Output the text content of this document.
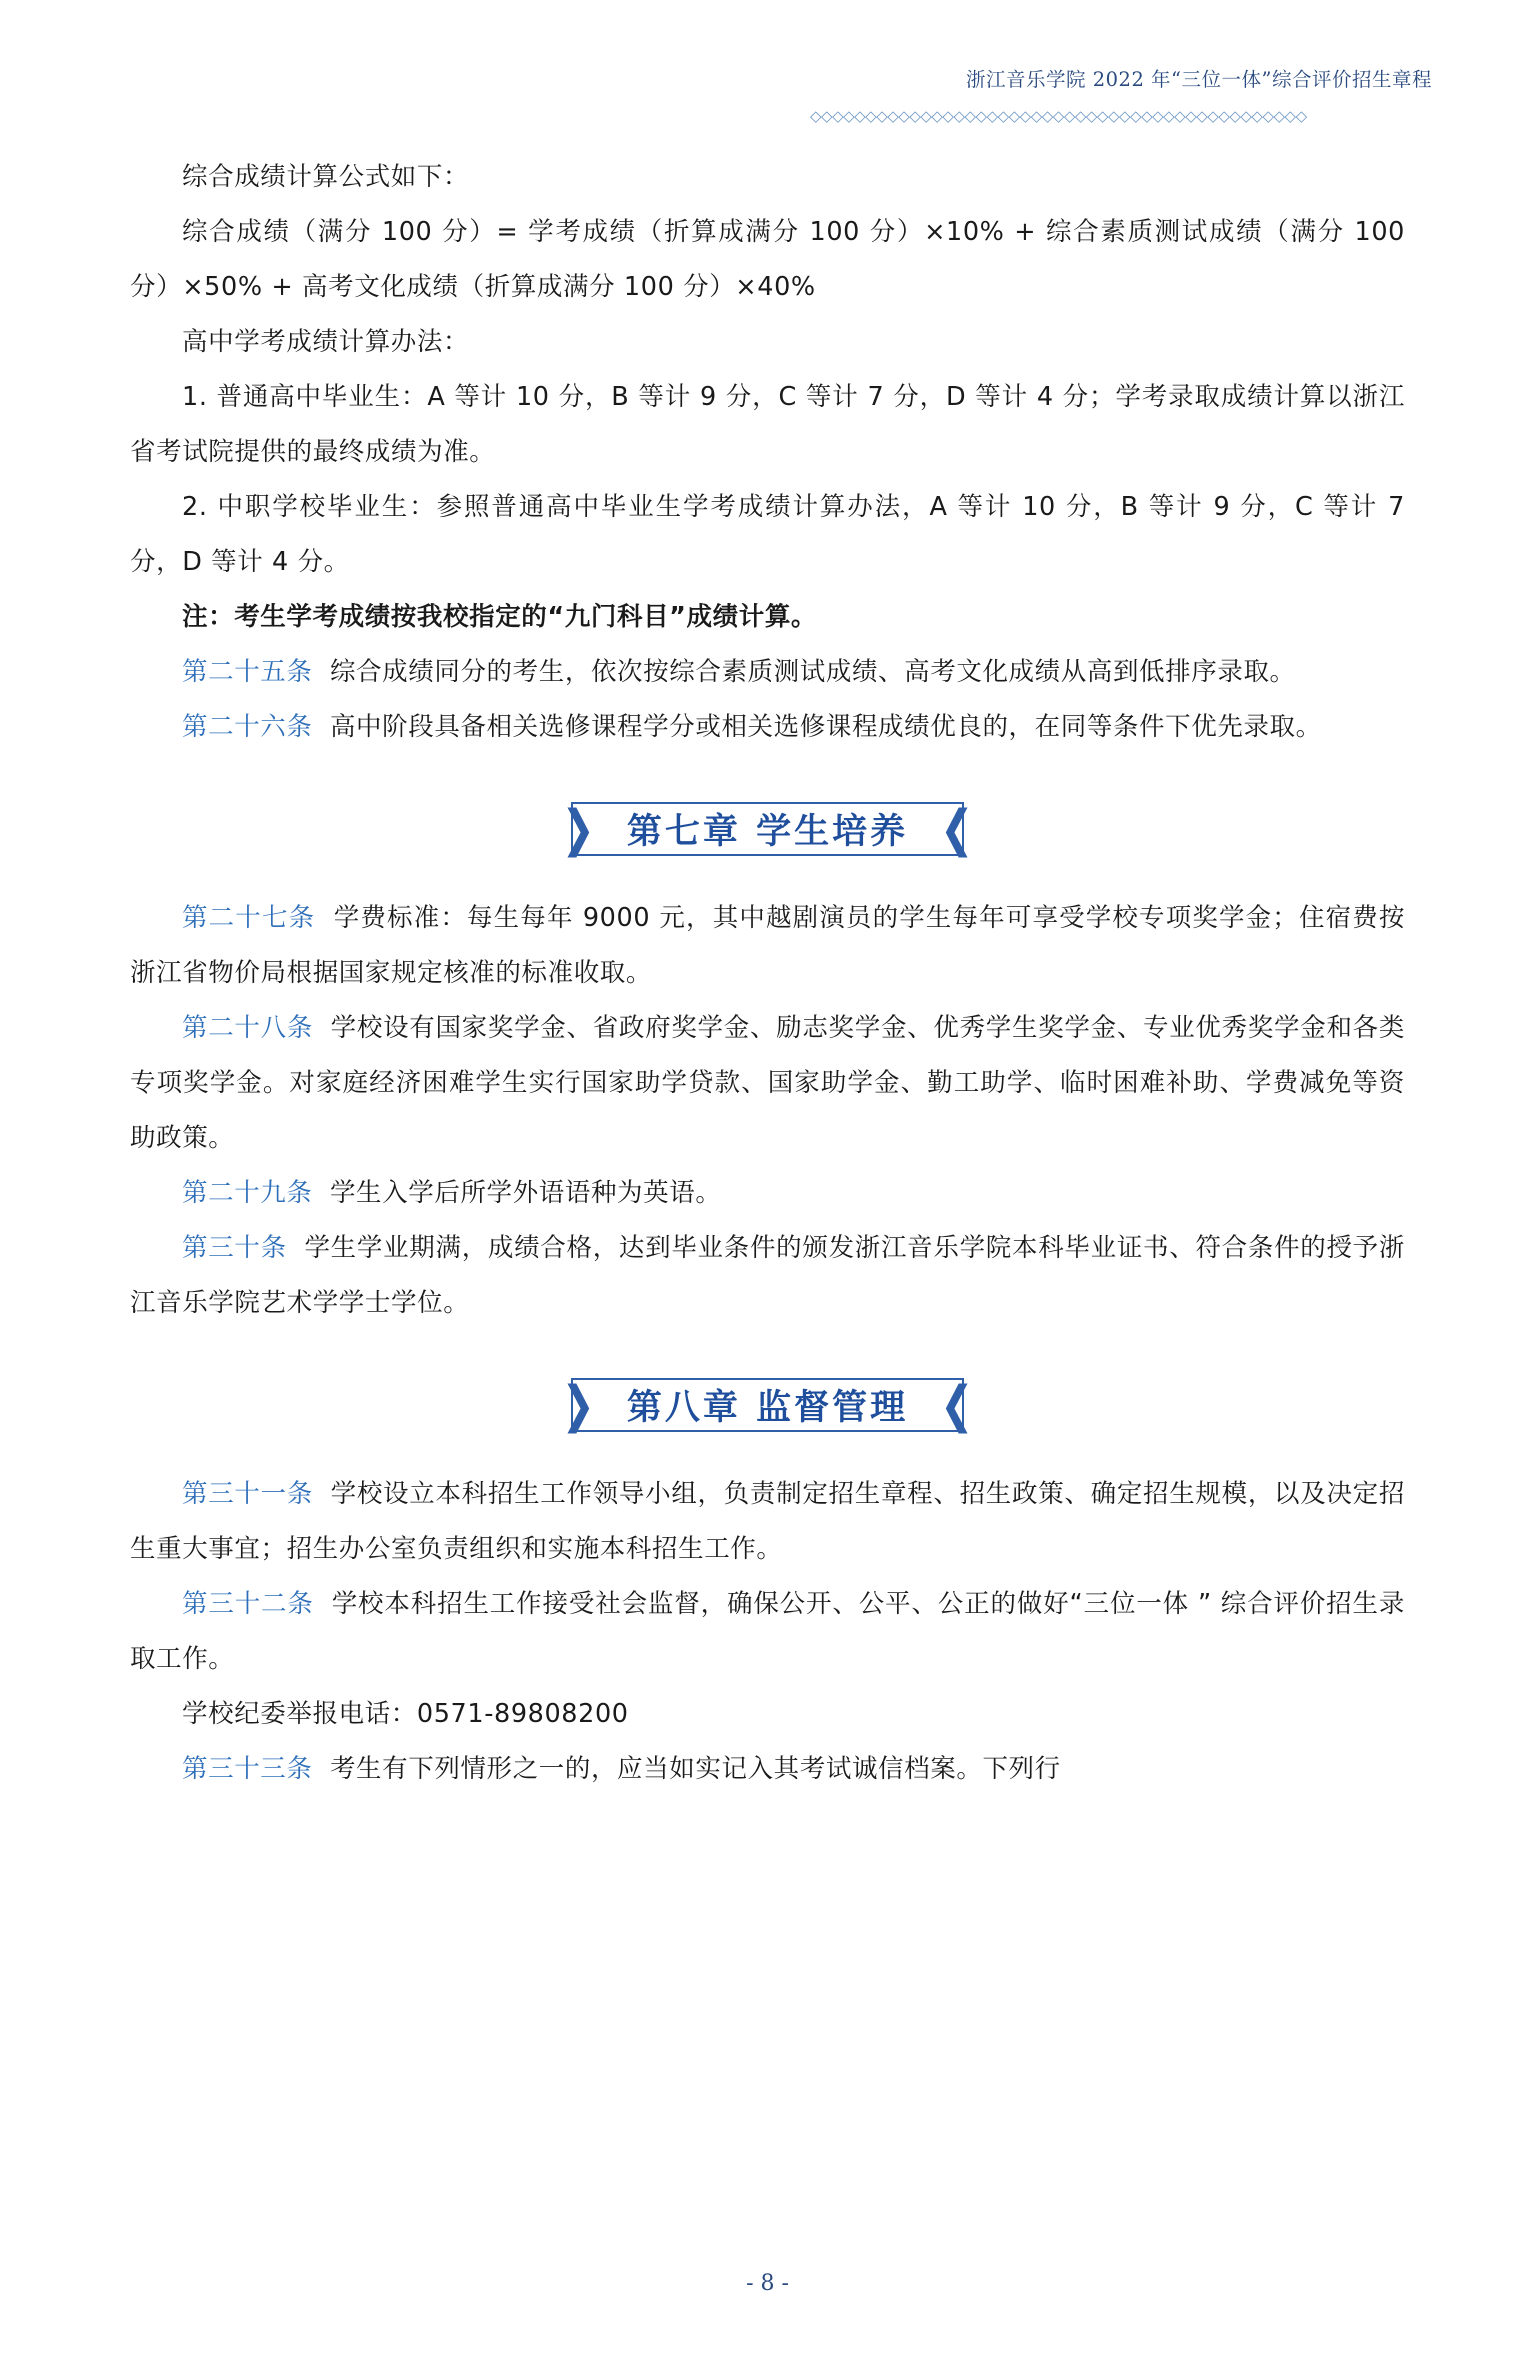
浙江音乐学院 2022 年“三位一体”综合评价招生章程
◇◇◇◇◇◇◇◇◇◇◇◇◇◇◇◇◇◇◇◇◇◇◇◇◇◇◇◇◇◇◇◇◇◇◇◇◇◇◇◇◇◇◇◇◇

综合成绩计算公式如下：

综合成绩（满分 100 分）= 学考成绩（折算成满分 100 分）×10% + 综合素质测试成绩（满分 100 分）×50% + 高考文化成绩（折算成满分 100 分）×40%

高中学考成绩计算办法：

1. 普通高中毕业生：A 等计 10 分，B 等计 9 分，C 等计 7 分，D 等计 4 分；学考录取成绩计算以浙江省考试院提供的最终成绩为准。

2. 中职学校毕业生：参照普通高中毕业生学考成绩计算办法，A 等计 10 分，B 等计 9 分，C 等计 7 分，D 等计 4 分。

注：考生学考成绩按我校指定的“九门科目”成绩计算。

第二十五条 综合成绩同分的考生，依次按综合素质测试成绩、高考文化成绩从高到低排序录取。

第二十六条 高中阶段具备相关选修课程学分或相关选修课程成绩优良的，在同等条件下优先录取。

❯ 第七章 学生培养 ❮

第二十七条 学费标准：每生每年 9000 元，其中越剧演员的学生每年可享受学校专项奖学金；住宿费按浙江省物价局根据国家规定核准的标准收取。

第二十八条 学校设有国家奖学金、省政府奖学金、励志奖学金、优秀学生奖学金、专业优秀奖学金和各类专项奖学金。对家庭经济困难学生实行国家助学贷款、国家助学金、勤工助学、临时困难补助、学费减免等资助政策。

第二十九条 学生入学后所学外语语种为英语。

第三十条 学生学业期满，成绩合格，达到毕业条件的颁发浙江音乐学院本科毕业证书、符合条件的授予浙江音乐学院艺术学学士学位。

❯ 第八章 监督管理 ❮

第三十一条 学校设立本科招生工作领导小组，负责制定招生章程、招生政策、确定招生规模，以及决定招生重大事宜；招生办公室负责组织和实施本科招生工作。

第三十二条 学校本科招生工作接受社会监督，确保公开、公平、公正的做好“三位一体 ” 综合评价招生录取工作。

学校纪委举报电话：0571-89808200

第三十三条 考生有下列情形之一的，应当如实记入其考试诚信档案。下列行

- 8 -
